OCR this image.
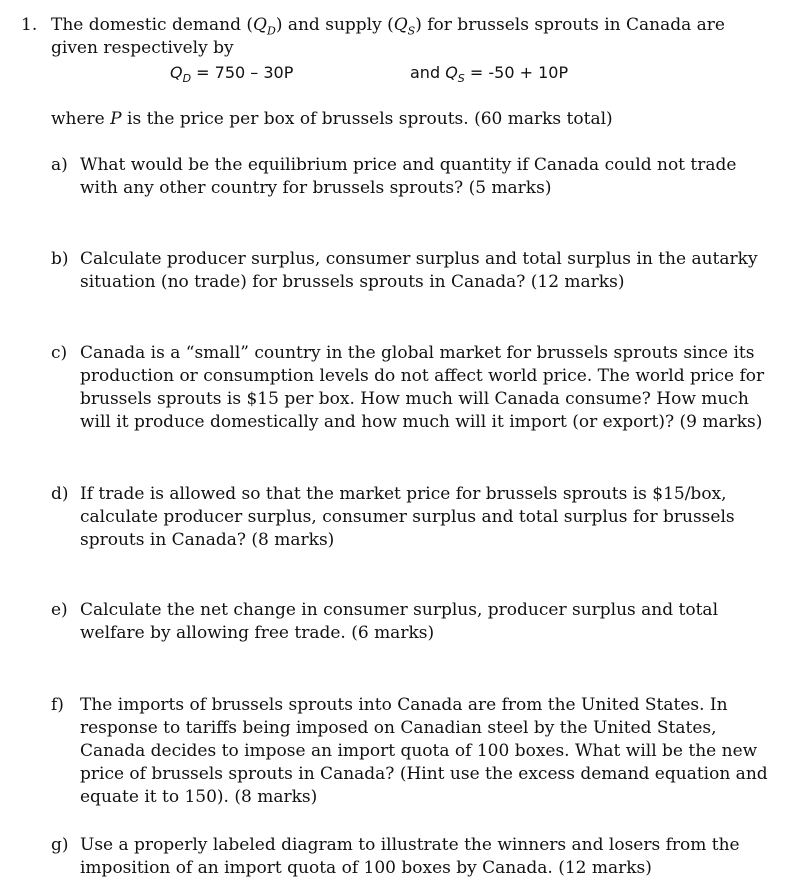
1. The domestic demand $(Q_D)$ and supply $(Q_S)$ for brussels sprouts in Canada are given respectively by
$Q_D = 750 - 30P$	and $Q_S = -50 + 10P$
where P is the price per box of brussels sprouts. (60 marks total)
a) What would be the equilibrium price and quantity if Canada could not trade with any other country for brussels sprouts? (5 marks)
b) Calculate producer surplus, consumer surplus and total surplus in the autarky situation (no trade) for brussels sprouts in Canada? (12 marks)
c) Canada is a “small” country in the global market for brussels sprouts since its production or consumption levels do not affect world price. The world price for brussels sprouts is $15 per box. How much will Canada consume? How much will it produce domestically and how much will it import (or export)? (9 marks)
d) If trade is allowed so that the market price for brussels sprouts is $15/box, calculate producer surplus, consumer surplus and total surplus for brussels sprouts in Canada? (8 marks)
e) Calculate the net change in consumer surplus, producer surplus and total welfare by allowing free trade. (6 marks)
f) The imports of brussels sprouts into Canada are from the United States. In response to tariffs being imposed on Canadian steel by the United States, Canada decides to impose an import quota of 100 boxes. What will be the new price of brussels sprouts in Canada? (Hint use the excess demand equation and equate it to 150). (8 marks)
g) Use a properly labeled diagram to illustrate the winners and losers from the imposition of an import quota of 100 boxes by Canada. (12 marks)
